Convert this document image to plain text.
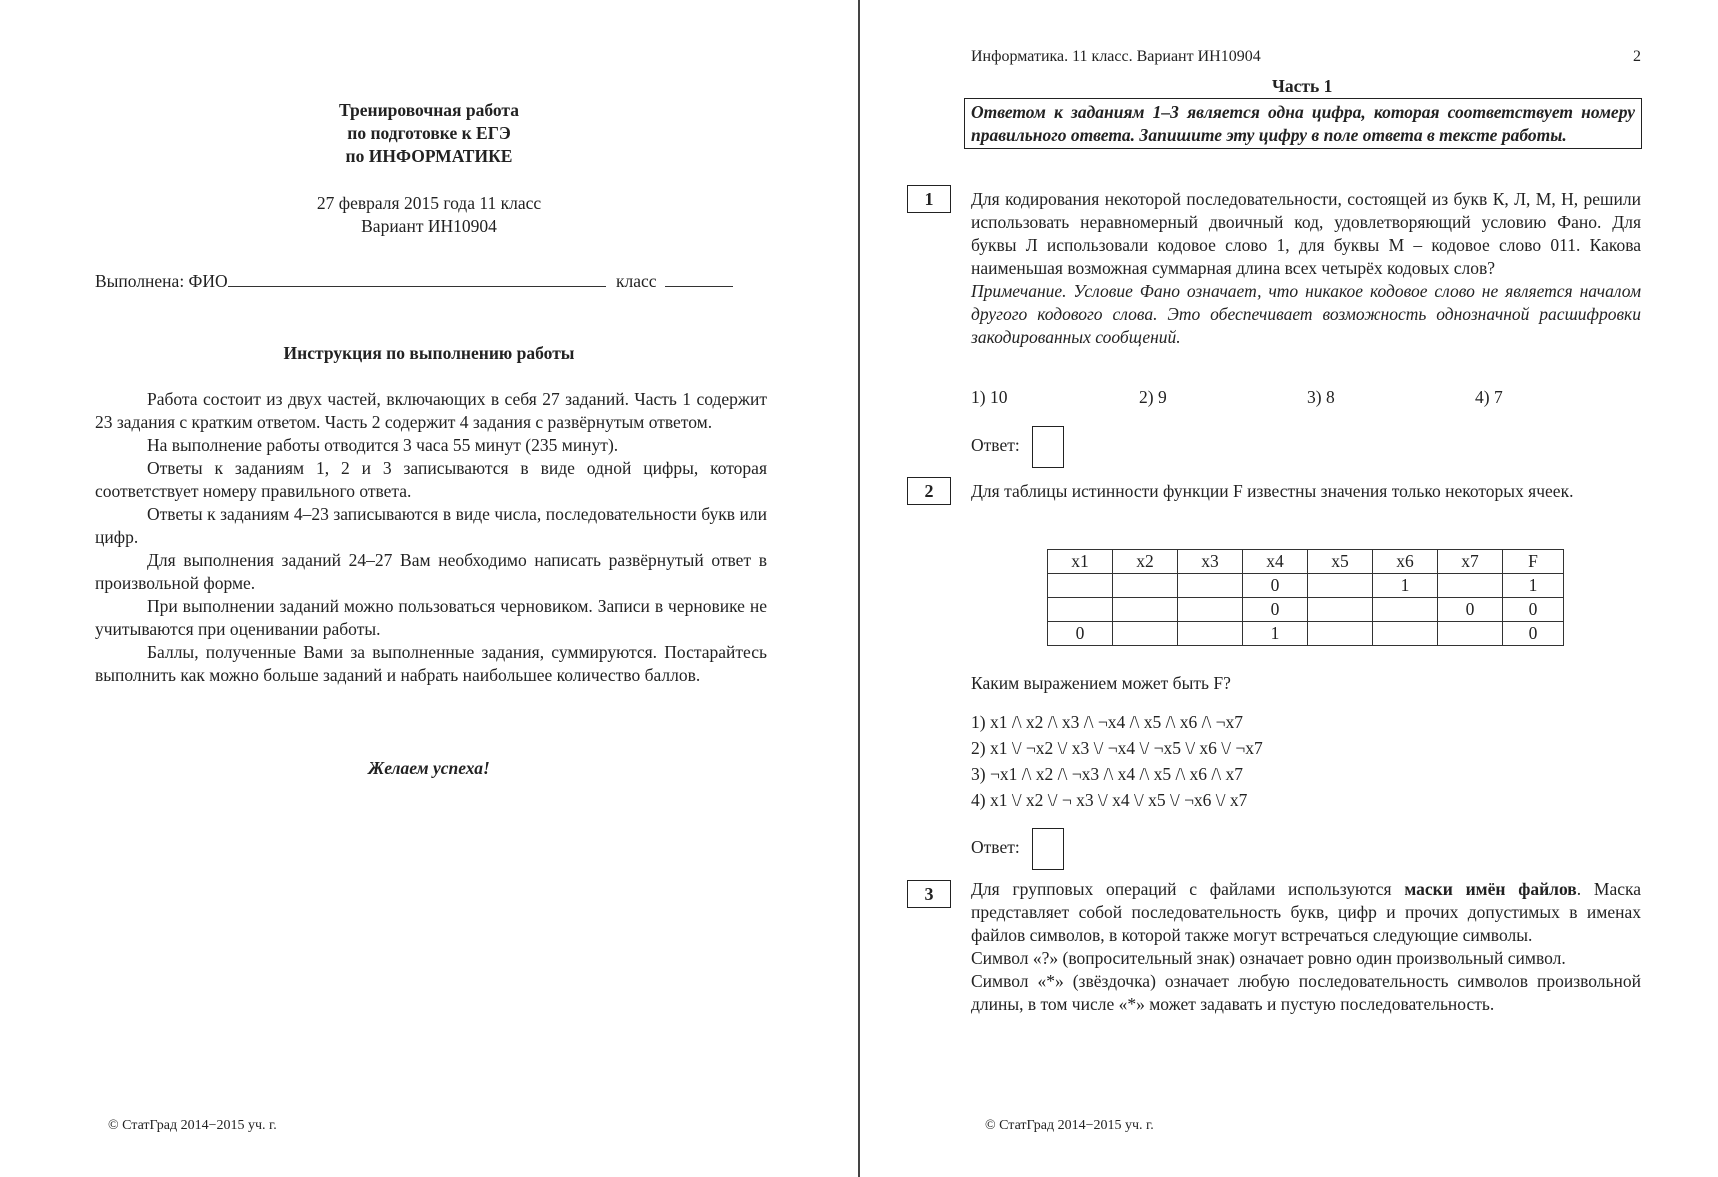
Тренировочная работа
по подготовке к ЕГЭ
по ИНФОРМАТИКЕ
27 февраля 2015 года 11 класс
Вариант ИН10904
Выполнена: ФИО	класс
Инструкция по выполнению работы

Работа состоит из двух частей, включающих в себя 27 заданий. Часть 1 содержит 23 задания с кратким ответом. Часть 2 содержит 4 задания с развёрнутым ответом.

На выполнение работы отводится 3 часа 55 минут (235 минут).

Ответы к заданиям 1, 2 и 3 записываются в виде одной цифры, которая соответствует номеру правильного ответа.

Ответы к заданиям 4–23 записываются в виде числа, последовательности букв или цифр.

Для выполнения заданий 24–27 Вам необходимо написать развёрнутый ответ в произвольной форме.

При выполнении заданий можно пользоваться черновиком. Записи в черновике не учитываются при оценивании работы.

Баллы, полученные Вами за выполненные задания, суммируются. Постарайтесь выполнить как можно больше заданий и набрать наибольшее количество баллов.

Желаем успеха!
© СтатГрад 2014−2015 уч. г.
Информатика. 11 класс. Вариант ИН10904	2
Часть 1
Ответом к заданиям 1–3 является одна цифра, которая соответствует номеру правильного ответа. Запишите эту цифру в поле ответа в тексте работы.
1	Для кодирования некоторой последовательности, состоящей из букв К, Л, М, Н, решили использовать неравномерный двоичный код, удовлетворяющий условию Фано. Для буквы Л использовали кодовое слово 1, для буквы М – кодовое слово 011. Какова наименьшая возможная суммарная длина всех четырёх кодовых слов?

Примечание. Условие Фано означает, что никакое кодовое слово не является началом другого кодового слова. Это обеспечивает возможность однозначной расшифровки закодированных сообщений.

1) 10	2) 9	3) 8	4) 7
Ответ:
2	Для таблицы истинности функции F известны значения только некоторых ячеек.
x1	x2	x3	x4	x5	x6	x7	F
			0		1		1
			0			0	0
0			1				0
Каким выражением может быть F?
1) x1 /\ x2 /\ x3 /\ ¬x4 /\ x5 /\ x6 /\ ¬x7
2) x1 \/ ¬x2 \/ x3 \/ ¬x4 \/ ¬x5 \/ x6 \/ ¬x7
3) ¬x1 /\ x2 /\ ¬x3 /\ x4 /\ x5 /\ x6 /\ x7
4) x1 \/ x2 \/ ¬ x3 \/ x4 \/ x5 \/ ¬x6 \/ x7
Ответ:
3	Для групповых операций с файлами используются маски имён файлов. Маска представляет собой последовательность букв, цифр и прочих допустимых в именах файлов символов, в которой также могут встречаться следующие символы.

Символ «?» (вопросительный знак) означает ровно один произвольный символ.

Символ «*» (звёздочка) означает любую последовательность символов произвольной длины, в том числе «*» может задавать и пустую последовательность.

© СтатГрад 2014−2015 уч. г.
